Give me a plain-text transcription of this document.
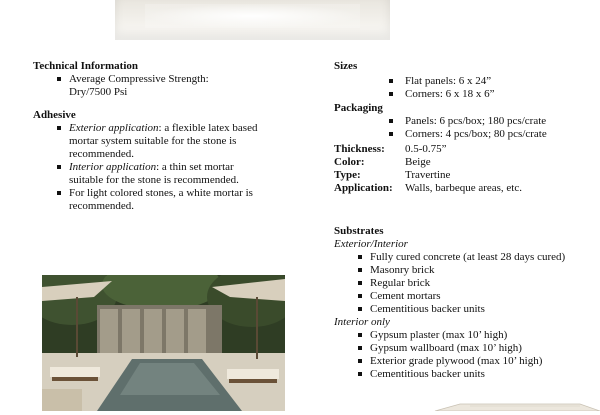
Technical Information
Average Compressive Strength: Dry/7500 Psi
Adhesive
Exterior application: a flexible latex based mortar system suitable for the stone is recommended.
Interior application: a thin set mortar suitable for the stone is recommended.
For light colored stones, a white mortar is recommended.
Sizes
Flat panels: 6 x 24”
Corners: 6 x 18 x 6”
Packaging
Panels: 6 pcs/box; 180 pcs/crate
Corners: 4 pcs/box; 80 pcs/crate
Thickness:	0.5-0.75”
Color:	Beige
Type:	Travertine
Application:	Walls, barbeque areas, etc.
Substrates
Exterior/Interior
Fully cured concrete (at least 28 days cured)
Masonry brick
Regular brick
Cement mortars
Cementitious backer units
Interior only
Gypsum plaster (max 10’ high)
Gypsum wallboard (max 10’ high)
Exterior grade plywood (max 10’ high)
Cementitious backer units
